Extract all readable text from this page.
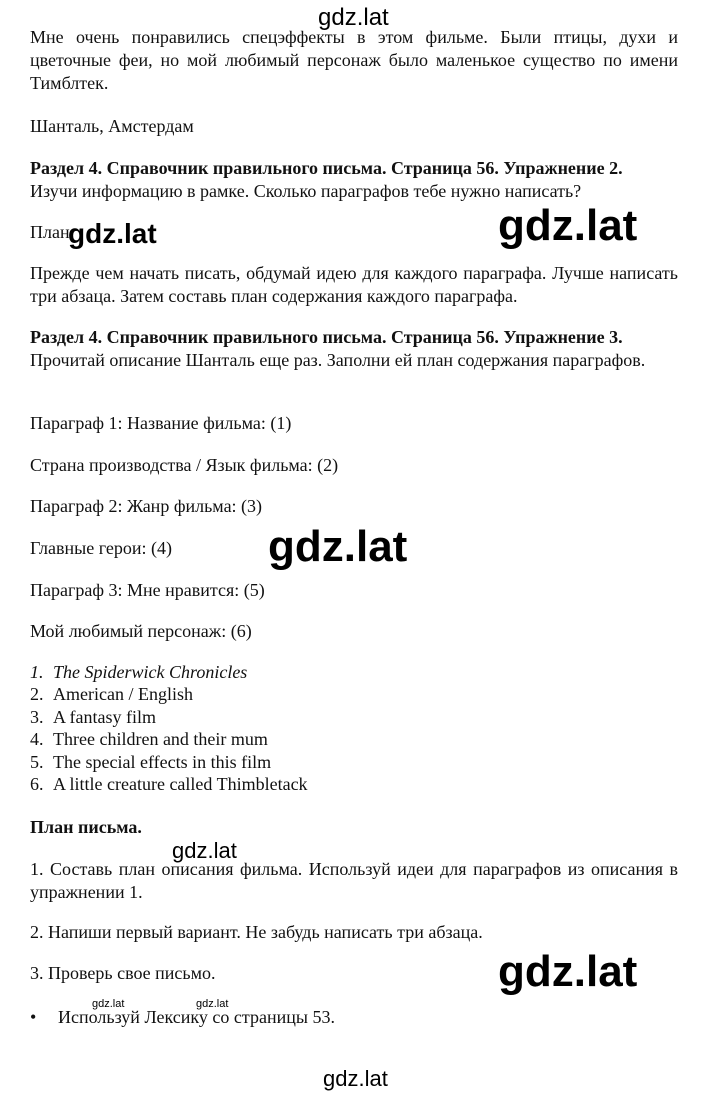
gdz.lat

Мне очень понравились спецэффекты в этом фильме. Были птицы, духи и цветочные феи, но мой любимый персонаж было маленькое существо по имени Тимблтек.

Шанталь, Амстердам

Раздел 4. Справочник правильного письма. Страница 56. Упражнение 2.

Изучи информацию в рамке. Сколько параграфов тебе нужно написать?

План

gdz.lat	gdz.lat

Прежде чем начать писать, обдумай идею для каждого параграфа. Лучше написать три абзаца. Затем составь план содержания каждого параграфа.

Раздел 4. Справочник правильного письма. Страница 56. Упражнение 3.

Прочитай описание Шанталь еще раз. Заполни ей план содержания параграфов.

Параграф 1: Название фильма: (1)

Страна производства / Язык фильма: (2)

Параграф 2: Жанр фильма: (3)

Главные герои: (4)	gdz.lat

Параграф 3: Мне нравится: (5)

Мой любимый персонаж: (6)

1. The Spiderwick Chronicles
2. American / English
3. A fantasy film
4. Three children and their mum
5. The special effects in this film
6. A little creature called Thimbletack

План письма.

gdz.lat

1. Составь план описания фильма. Используй идеи для параграфов из описания в упражнении 1.

2. Напиши первый вариант. Не забудь написать три абзаца.

3. Проверь свое письмо.	gdz.lat
gdz.lat	gdz.lat
•	Используй Лексику со страницы 53.
gdz.lat
